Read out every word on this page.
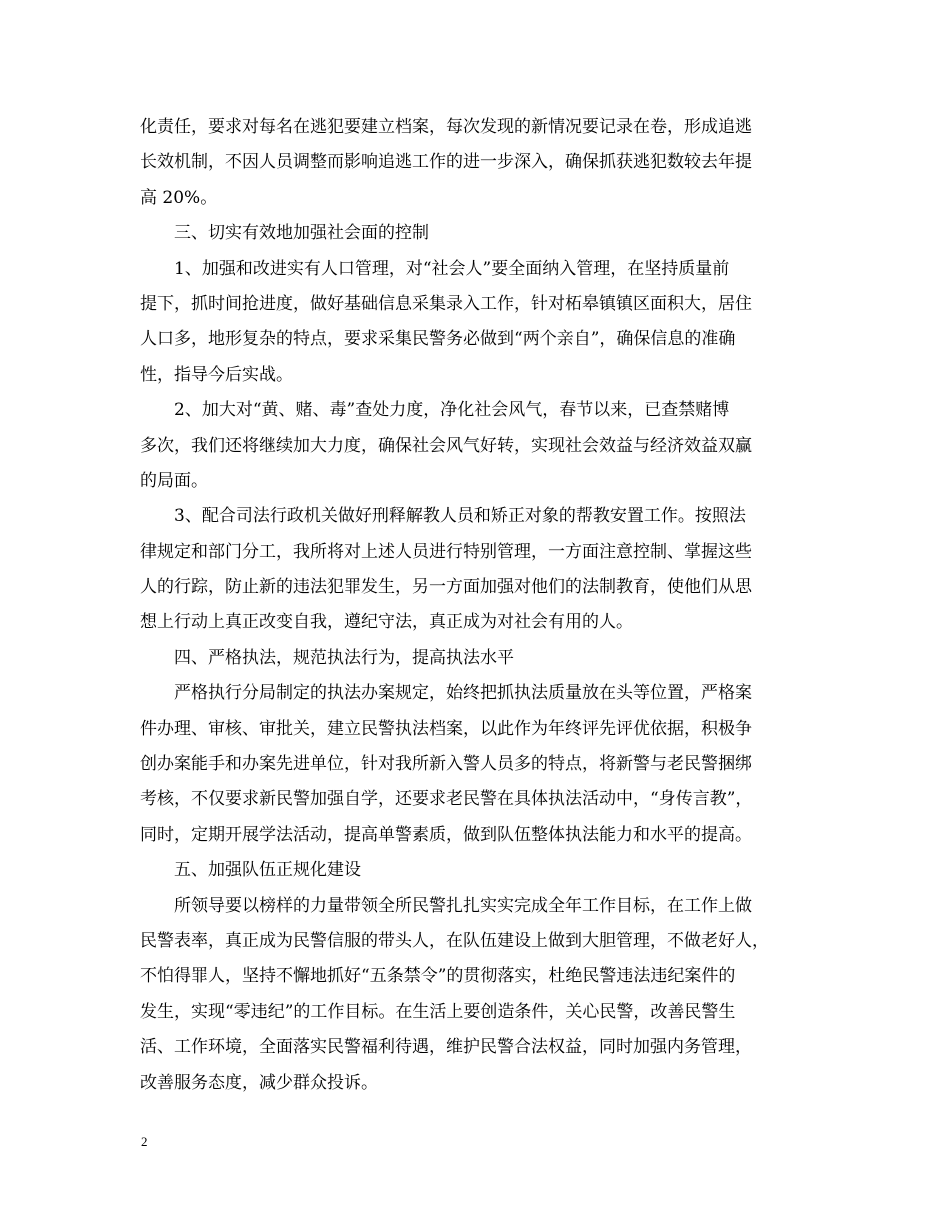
化责任，要求对每名在逃犯要建立档案，每次发现的新情况要记录在卷，形成追逃
长效机制，不因人员调整而影响追逃工作的进一步深入，确保抓获逃犯数较去年提
高 20%。
三、切实有效地加强社会面的控制
1、加强和改进实有人口管理，对“社会人”要全面纳入管理，在坚持质量前
提下，抓时间抢进度，做好基础信息采集录入工作，针对柘皋镇镇区面积大，居住
人口多，地形复杂的特点，要求采集民警务必做到“两个亲自”，确保信息的准确
性，指导今后实战。
2、加大对“黄、赌、毒”查处力度，净化社会风气，春节以来，已查禁赌博
多次，我们还将继续加大力度，确保社会风气好转，实现社会效益与经济效益双赢
的局面。
3、配合司法行政机关做好刑释解教人员和矫正对象的帮教安置工作。按照法
律规定和部门分工，我所将对上述人员进行特别管理，一方面注意控制、掌握这些
人的行踪，防止新的违法犯罪发生，另一方面加强对他们的法制教育，使他们从思
想上行动上真正改变自我，遵纪守法，真正成为对社会有用的人。
四、严格执法，规范执法行为，提高执法水平
严格执行分局制定的执法办案规定，始终把抓执法质量放在头等位置，严格案
件办理、审核、审批关，建立民警执法档案，以此作为年终评先评优依据，积极争
创办案能手和办案先进单位，针对我所新入警人员多的特点，将新警与老民警捆绑
考核，不仅要求新民警加强自学，还要求老民警在具体执法活动中，“身传言教”，
同时，定期开展学法活动，提高单警素质，做到队伍整体执法能力和水平的提高。
五、加强队伍正规化建设
所领导要以榜样的力量带领全所民警扎扎实实完成全年工作目标，在工作上做
民警表率，真正成为民警信服的带头人，在队伍建设上做到大胆管理，不做老好人，
不怕得罪人，坚持不懈地抓好“五条禁令”的贯彻落实，杜绝民警违法违纪案件的
发生，实现“零违纪”的工作目标。在生活上要创造条件，关心民警，改善民警生
活、工作环境，全面落实民警福利待遇，维护民警合法权益，同时加强内务管理，
改善服务态度，减少群众投诉。
2
